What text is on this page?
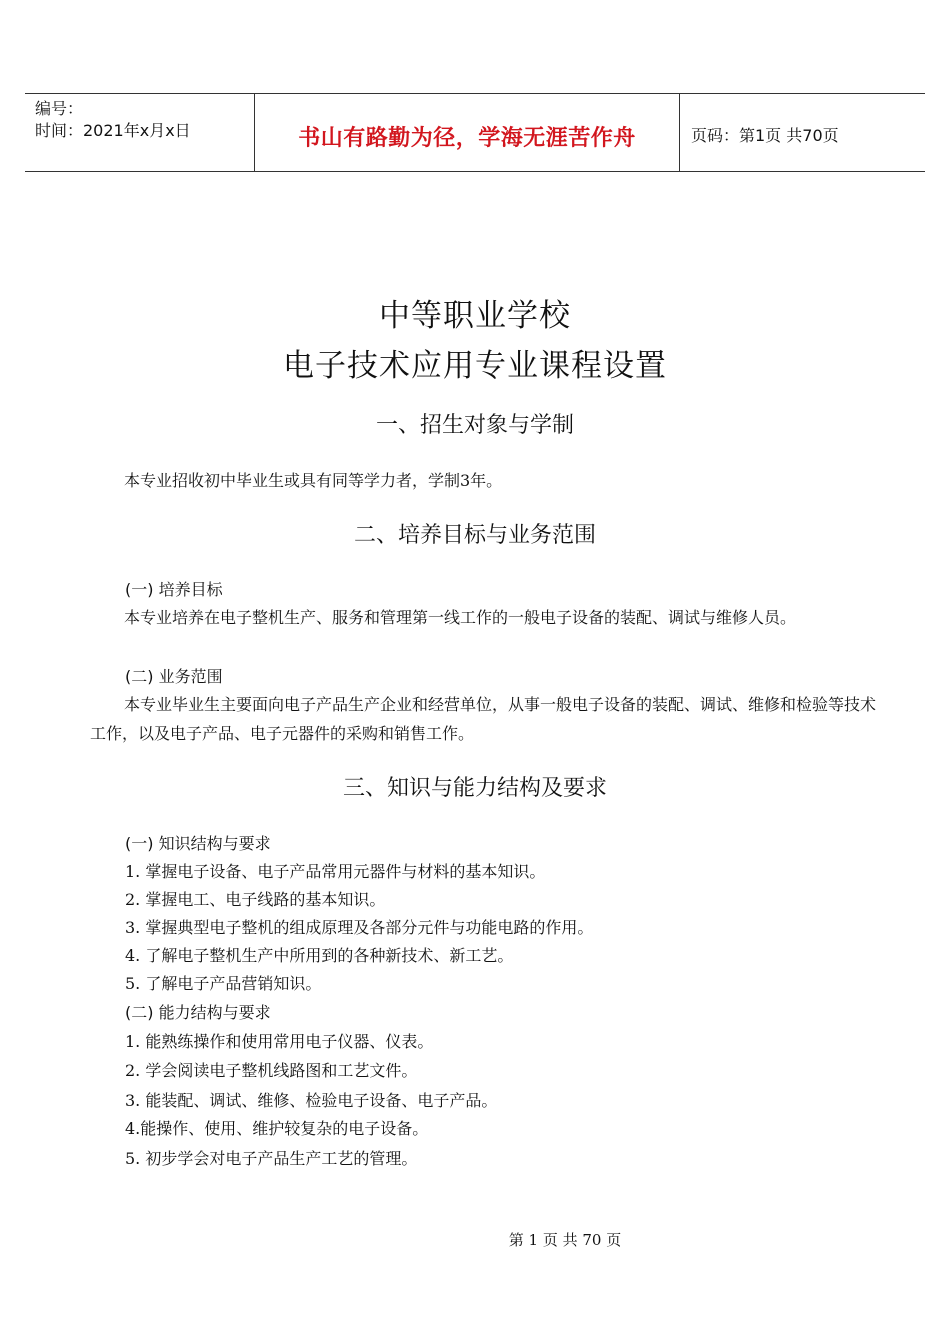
编号：
时间：2021年x月x日	书山有路勤为径，学海无涯苦作舟	页码：第1页 共70页
中等职业学校
电子技术应用专业课程设置
一、招生对象与学制
本专业招收初中毕业生或具有同等学力者，学制3年。
二、培养目标与业务范围
(一) 培养目标
本专业培养在电子整机生产、服务和管理第一线工作的一般电子设备的装配、调试与维修人员。
(二) 业务范围
本专业毕业生主要面向电子产品生产企业和经营单位，从事一般电子设备的装配、调试、维修和检验等技术工作，以及电子产品、电子元器件的采购和销售工作。
三、知识与能力结构及要求
(一) 知识结构与要求
1. 掌握电子设备、电子产品常用元器件与材料的基本知识。
2. 掌握电工、电子线路的基本知识。
3. 掌握典型电子整机的组成原理及各部分元件与功能电路的作用。
4. 了解电子整机生产中所用到的各种新技术、新工艺。
5. 了解电子产品营销知识。
(二) 能力结构与要求
1. 能熟练操作和使用常用电子仪器、仪表。
2. 学会阅读电子整机线路图和工艺文件。
3. 能装配、调试、维修、检验电子设备、电子产品。
4.能操作、使用、维护较复杂的电子设备。
5. 初步学会对电子产品生产工艺的管理。
第 1 页 共 70 页
